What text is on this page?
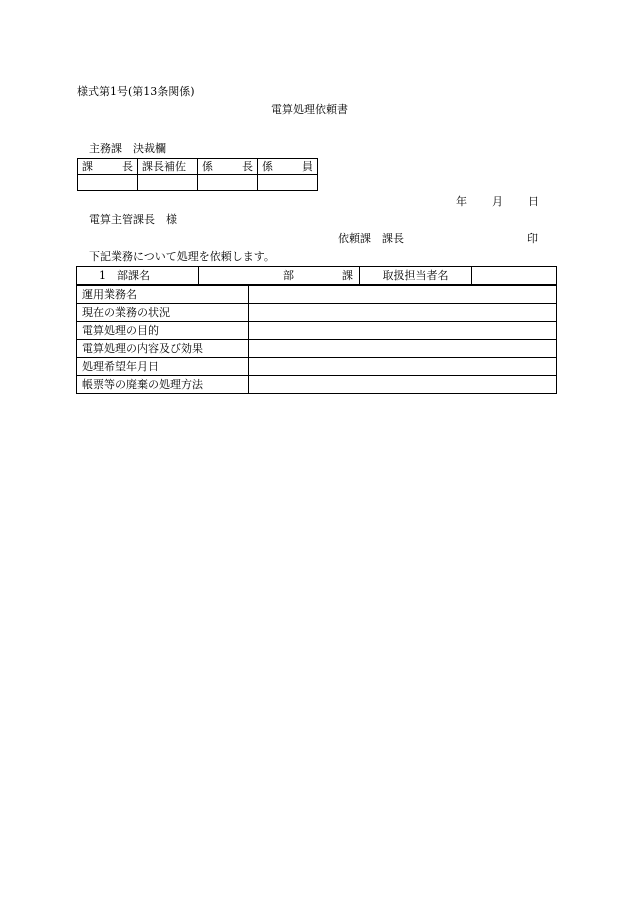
様式第1号(第13条関係)
電算処理依頼書
主務課　決裁欄
課 長	課長補佐	係 長	係 員

年 月 日
電算主管課長　様
依頼課　課長	印
下記業務について処理を依頼します。
1　部課名	部	課	取扱担当者名	
運用業務名	
現在の業務の状況	
電算処理の目的	
電算処理の内容及び効果	
処理希望年月日	
帳票等の廃棄の処理方法	
